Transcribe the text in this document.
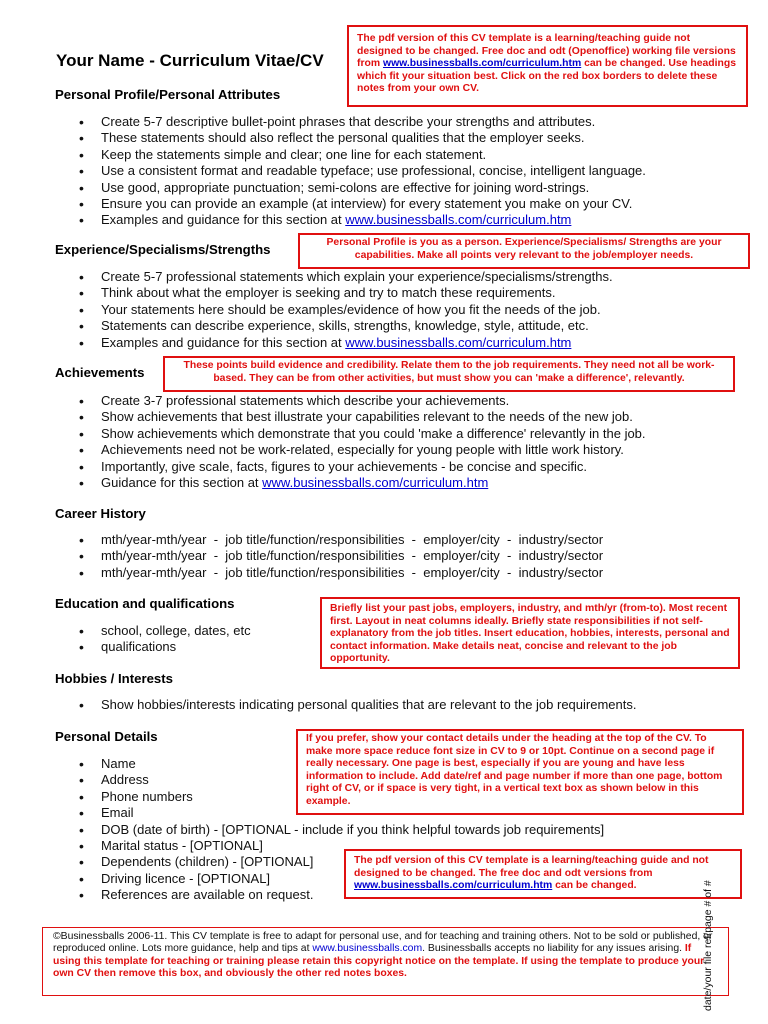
Your Name - Curriculum Vitae/CV
Personal Profile/Personal Attributes
• Create 5-7 descriptive bullet-point phrases that describe your strengths and attributes.
• These statements should also reflect the personal qualities that the employer seeks.
• Keep the statements simple and clear; one line for each statement.
• Use a consistent format and readable typeface; use professional, concise, intelligent language.
• Use good, appropriate punctuation; semi-colons are effective for joining word-strings.
• Ensure you can provide an example (at interview) for every statement you make on your CV.
• Examples and guidance for this section at www.businessballs.com/curriculum.htm
Experience/Specialisms/Strengths
• Create 5-7 professional statements which explain your experience/specialisms/strengths.
• Think about what the employer is seeking and try to match these requirements.
• Your statements here should be examples/evidence of how you fit the needs of the job.
• Statements can describe experience, skills, strengths, knowledge, style, attitude, etc.
• Examples and guidance for this section at www.businessballs.com/curriculum.htm
Achievements
• Create 3-7 professional statements which describe your achievements.
• Show achievements that best illustrate your capabilities relevant to the needs of the new job.
• Show achievements which demonstrate that you could 'make a difference' relevantly in the job.
• Achievements need not be work-related, especially for young people with little work history.
• Importantly, give scale, facts, figures to your achievements - be concise and specific.
• Guidance for this section at www.businessballs.com/curriculum.htm
Career History
• mth/year-mth/year  -  job title/function/responsibilities  -  employer/city  -  industry/sector
• mth/year-mth/year  -  job title/function/responsibilities  -  employer/city  -  industry/sector
• mth/year-mth/year  -  job title/function/responsibilities  -  employer/city  -  industry/sector
Education and qualifications
• school, college, dates, etc
• qualifications
Hobbies / Interests
• Show hobbies/interests indicating personal qualities that are relevant to the job requirements.
Personal Details
• Name
• Address
• Phone numbers
• Email
• DOB (date of birth) - [OPTIONAL - include if you think helpful towards job requirements]
• Marital status - [OPTIONAL]
• Dependents (children) - [OPTIONAL]
• Driving licence - [OPTIONAL]
• References are available on request.
The pdf version of this CV template is a learning/teaching guide not designed to be changed. Free doc and odt (Openoffice) working file versions from www.businessballs.com/curriculum.htm can be changed. Use headings which fit your situation best. Click on the red box borders to delete these notes from your own CV.
Personal Profile is you as a person. Experience/Specialisms/ Strengths are your capabilities. Make all points very relevant to the job/employer needs.
These points build evidence and credibility. Relate them to the job requirements. They need not all be work-based. They can be from other activities, but must show you can 'make a difference', relevantly.
Briefly list your past jobs, employers, industry, and mth/yr (from-to). Most recent first. Layout in neat columns ideally. Briefly state responsibilities if not self-explanatory from the job titles. Insert education, hobbies, interests, personal and contact information. Make details neat, concise and relevant to the job opportunity.
If you prefer, show your contact details under the heading at the top of the CV. To make more space reduce font size in CV to 9 or 10pt. Continue on a second page if really necessary. One page is best, especially if you are young and have less information to include. Add date/ref and page number if more than one page, bottom right of CV, or if space is very tight, in a vertical text box as shown below in this example.
The pdf version of this CV template is a learning/teaching guide and not designed to be changed. The free doc and odt versions from www.businessballs.com/curriculum.htm can be changed.
©Businessballs 2006-11. This CV template is free to adapt for personal use, and for teaching and training others. Not to be sold or published, or reproduced online. Lots more guidance, help and tips at www.businessballs.com. Businessballs accepts no liability for any issues arising. If using this template for teaching or training please retain this copyright notice on the template. If using the template to produce your own CV then remove this box, and obviously the other red notes boxes.	date/your file ref/page # of #
